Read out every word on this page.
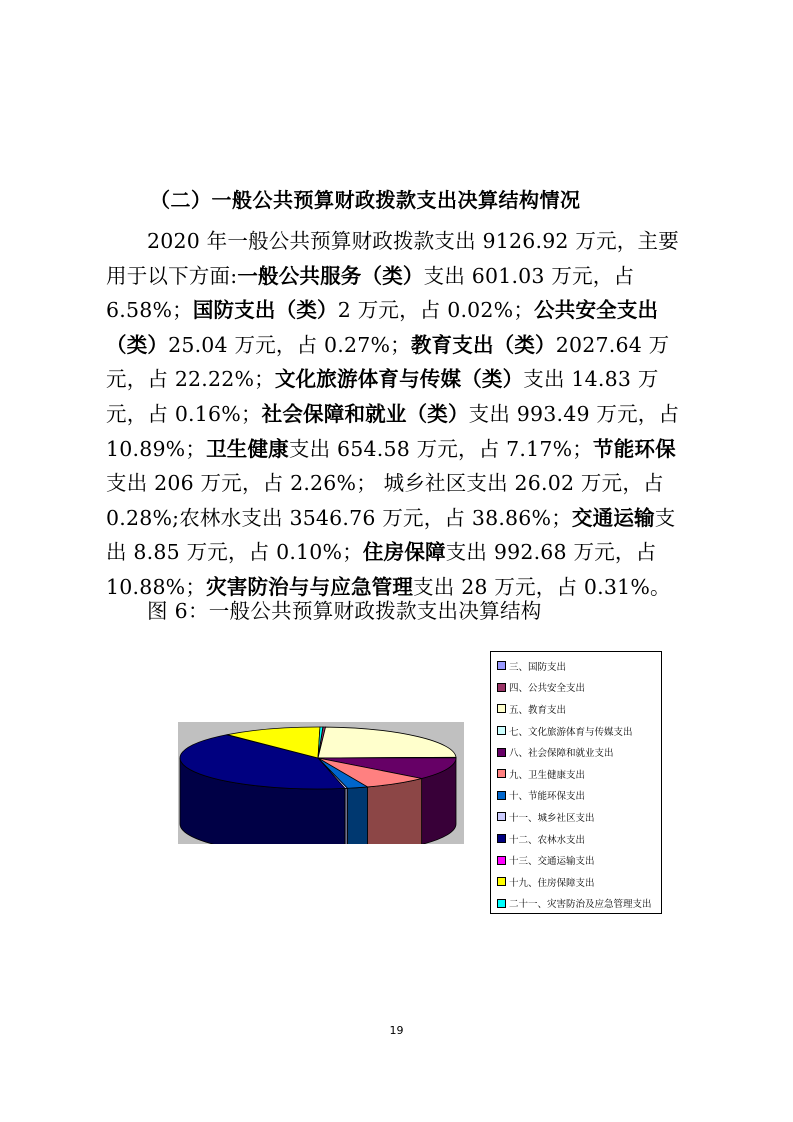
（二）一般公共预算财政拨款支出决算结构情况
2020 年一般公共预算财政拨款支出 9126.92 万元，主要用于以下方面:一般公共服务（类）支出 601.03 万元，占 6.58%；国防支出（类）2 万元，占 0.02%；公共安全支出（类）25.04 万元，占 0.27%；教育支出（类）2027.64 万元，占 22.22%；文化旅游体育与传媒（类）支出 14.83 万元，占 0.16%；社会保障和就业（类）支出 993.49 万元，占 10.89%；卫生健康支出 654.58 万元，占 7.17%；节能环保支出 206 万元，占 2.26%； 城乡社区支出 26.02 万元，占 0.28%;农林水支出 3546.76 万元，占 38.86%；交通运输支出 8.85 万元，占 0.10%；住房保障支出 992.68 万元，占 10.88%；灾害防治与与应急管理支出 28 万元，占 0.31%。
图 6：一般公共预算财政拨款支出决算结构
三、国防支出
四、公共安全支出
五、教育支出
七、文化旅游体育与传媒支出
八、社会保障和就业支出
九、卫生健康支出
十、节能环保支出
十一、城乡社区支出
十二、农林水支出
十三、交通运输支出
十九、住房保障支出
二十一、灾害防治及应急管理支出
19
